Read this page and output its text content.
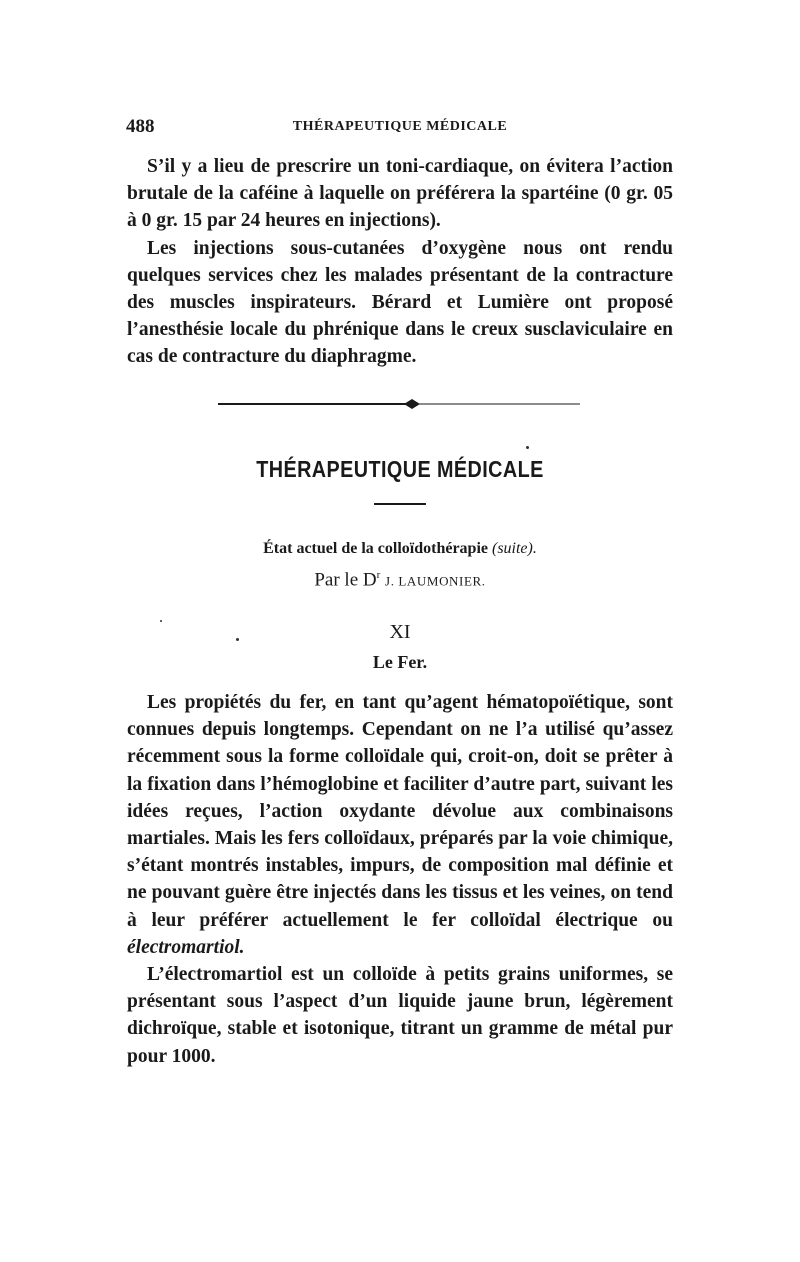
488	THÉRAPEUTIQUE MÉDICALE

S’il y a lieu de prescrire un toni-cardiaque, on évitera l’action brutale de la caféine à laquelle on préférera la spartéine (0 gr. 05 à 0 gr. 15 par 24 heures en injections).

Les injections sous-cutanées d’oxygène nous ont rendu quelques services chez les malades présentant de la contracture des muscles inspirateurs. Bérard et Lumière ont proposé l’anesthésie locale du phrénique dans le creux susclaviculaire en cas de contracture du diaphragme.

THÉRAPEUTIQUE MÉDICALE
État actuel de la colloïdothérapie (suite).
Par le $D^r$ J. LAUMONIER.
XI
Le Fer.

Les propiétés du fer, en tant qu’agent hématopoïétique, sont connues depuis longtemps. Cependant on ne l’a utilisé qu’assez récemment sous la forme colloïdale qui, croit-on, doit se prêter à la fixation dans l’hémoglobine et faciliter d’autre part, suivant les idées reçues, l’action oxydante dévolue aux combinaisons martiales. Mais les fers colloïdaux, préparés par la voie chimique, s’étant montrés instables, impurs, de composition mal définie et ne pouvant guère être injectés dans les tissus et les veines, on tend à leur préférer actuellement le fer colloïdal électrique ou électromartiol.

L’électromartiol est un colloïde à petits grains uniformes, se présentant sous l’aspect d’un liquide jaune brun, légèrement dichroïque, stable et isotonique, titrant un gramme de métal pur pour 1000.
